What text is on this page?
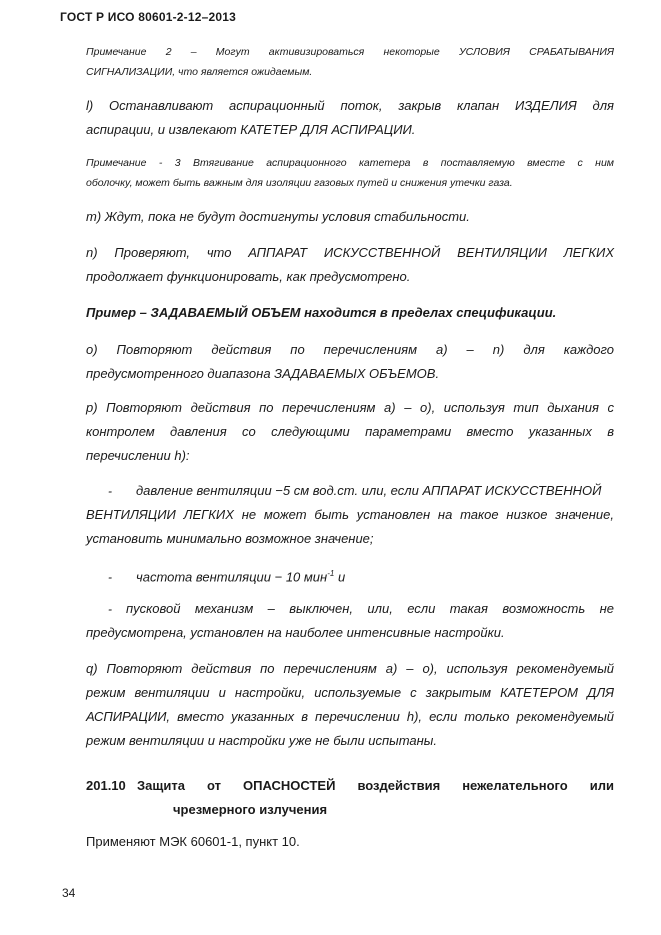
ГОСТ Р ИСО 80601-2-12–2013
Примечание 2 – Могут активизироваться некоторые УСЛОВИЯ СРАБАТЫВАНИЯ
СИГНАЛИЗАЦИИ, что является ожидаемым.
l) Останавливают аспирационный поток, закрыв клапан ИЗДЕЛИЯ для
аспирации, и извлекают КАТЕТЕР ДЛЯ АСПИРАЦИИ.
Примечание - 3 Втягивание аспирационного катетера в поставляемую вместе с ним
оболочку, может быть важным для изоляции газовых путей и снижения утечки газа.
m) Ждут, пока не будут достигнуты условия стабильности.
n) Проверяют, что АППАРАТ ИСКУССТВЕННОЙ ВЕНТИЛЯЦИИ ЛЕГКИХ
продолжает функционировать, как предусмотрено.
Пример – ЗАДАВАЕМЫЙ ОБЪЕМ находится в пределах спецификации.
o) Повторяют действия по перечислениям а) – n) для каждого
предусмотренного диапазона ЗАДАВАЕМЫХ ОБЪЕМОВ.
p) Повторяют действия по перечислениям а) – о), используя тип дыхания с
контролем давления со следующими параметрами вместо указанных в
перечислении h):
- давление вентиляции −5 см вод.ст. или, если АППАРАТ ИСКУССТВЕННОЙ
ВЕНТИЛЯЦИИ ЛЕГКИХ не может быть установлен на такое низкое значение,
установить минимально возможное значение;
- частота вентиляции − 10 мин$^{-1}$ и
- пусковой механизм – выключен, или, если такая возможность не
предусмотрена, установлен на наиболее интенсивные настройки.
q) Повторяют действия по перечислениям а) – о), используя рекомендуемый
режим вентиляции и настройки, используемые с закрытым КАТЕТЕРОМ ДЛЯ
АСПИРАЦИИ, вместо указанных в перечислении h), если только рекомендуемый
режим вентиляции и настройки уже не были испытаны.
201.10 Защита от ОПАСНОСТЕЙ воздействия нежелательного или
чрезмерного излучения
Применяют МЭК 60601-1, пункт 10.
34
